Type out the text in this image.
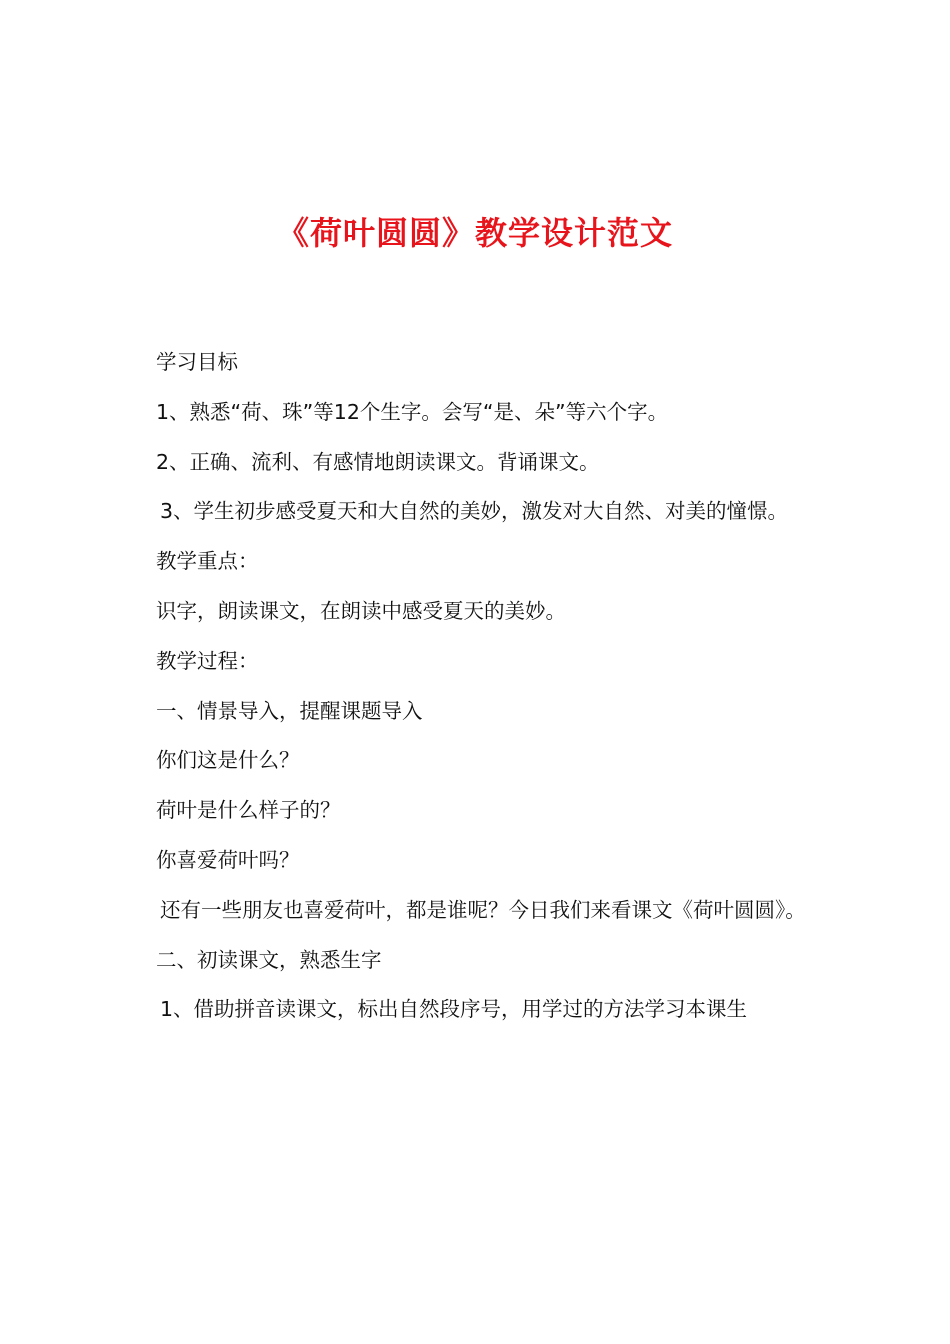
《荷叶圆圆》教学设计范文

学习目标

1、熟悉“荷、珠”等12个生字。会写“是、朵”等六个字。

2、正确、流利、有感情地朗读课文。背诵课文。

3、学生初步感受夏天和大自然的美妙，激发对大自然、对美的憧憬。

教学重点：

识字，朗读课文，在朗读中感受夏天的美妙。

教学过程：

一、情景导入，提醒课题导入

你们这是什么？

荷叶是什么样子的？

你喜爱荷叶吗？

还有一些朋友也喜爱荷叶，都是谁呢？今日我们来看课文《荷叶圆圆》。

二、初读课文，熟悉生字

1、借助拼音读课文，标出自然段序号，用学过的方法学习本课生
